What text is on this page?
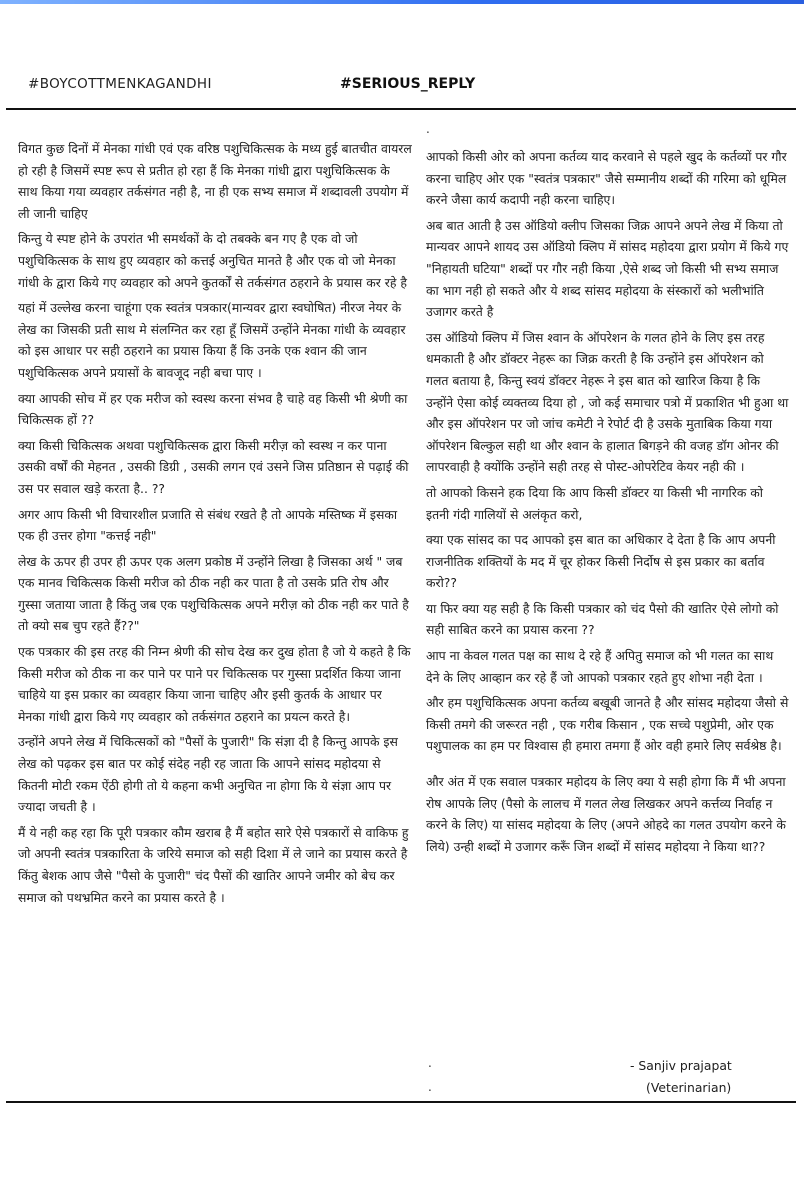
#BOYCOTTMENKAGANDHI	#SERIOUS_REPLY

विगत कुछ दिनों में मेनका गांधी एवं एक वरिष्ठ पशुचिकित्सक के मध्य हुई बातचीत वायरल हो रही है जिसमें स्पष्ट रूप से प्रतीत हो रहा हैं कि मेनका गांधी द्वारा पशुचिकित्सक के साथ किया गया व्यवहार तर्कसंगत नही है, ना ही एक सभ्य समाज में शब्दावली उपयोग में ली जानी चाहिए

किन्तु ये स्पष्ट होने के उपरांत भी समर्थकों के दो तबक्के बन गए है एक वो जो पशुचिकित्सक के साथ हुए व्यवहार को कत्तई अनुचित मानते है और एक वो जो मेनका गांधी के द्वारा किये गए व्यवहार को अपने कुतर्कों से तर्कसंगत ठहराने के प्रयास कर रहे है

यहां में उल्लेख करना चाहूंगा एक स्वतंत्र पत्रकार(मान्यवर द्वारा स्वघोषित) नीरज नेयर के लेख का जिसकी प्रती साथ मे संलग्नित कर रहा हूँ जिसमें उन्होंने मेनका गांधी के व्यवहार को इस आधार पर सही ठहराने का प्रयास किया हैं कि उनके एक श्वान की जान पशुचिकित्सक अपने प्रयासों के बावजूद नही बचा पाए ।

क्या आपकी सोच में हर एक मरीज को स्वस्थ करना संभव है चाहे वह किसी भी श्रेणी का चिकित्सक हों ??

क्या किसी चिकित्सक अथवा पशुचिकित्सक द्वारा किसी मरीज़ को स्वस्थ न कर पाना उसकी वर्षों की मेहनत , उसकी डिग्री , उसकी लगन एवं उसने जिस प्रतिष्ठान से पढ़ाई की उस पर सवाल खड़े करता है.. ??

अगर आप किसी भी विचारशील प्रजाति से संबंध रखते है तो आपके मस्तिष्क में इसका एक ही उत्तर होगा "कत्तई नही"

लेख के ऊपर ही उपर ही ऊपर एक अलग प्रकोष्ठ में उन्होंने लिखा है जिसका अर्थ " जब एक मानव चिकित्सक किसी मरीज को ठीक नही कर पाता है तो उसके प्रति रोष और गुस्सा जताया जाता है किंतु जब एक पशुचिकित्सक अपने मरीज़ को ठीक नही कर पाते है तो क्यो सब चुप रहते हैं??"

एक पत्रकार की इस तरह की निम्न श्रेणी की सोच देख कर दुख होता है जो ये कहते है कि किसी मरीज को ठीक ना कर पाने पर पाने पर चिकित्सक पर गुस्सा प्रदर्शित किया जाना चाहिये या इस प्रकार का व्यवहार किया जाना चाहिए और इसी कुतर्क के आधार पर मेनका गांधी द्वारा किये गए व्यवहार को तर्कसंगत ठहराने का प्रयत्न करते है।

उन्होंने अपने लेख में चिकित्सकों को "पैसों के पुजारी" कि संज्ञा दी है किन्तु आपके इस लेख को पढ़कर इस बात पर कोई संदेह नही रह जाता कि आपने सांसद महोदया से कितनी मोटी रकम ऐंठी होगी तो ये कहना कभी अनुचित ना होगा कि ये संज्ञा आप पर ज्यादा जचती है ।

मैं ये नही कह रहा कि पूरी पत्रकार कौम खराब है मैं बहोत सारे ऐसे पत्रकारों से वाकिफ हु जो अपनी स्वतंत्र पत्रकारिता के जरिये समाज को सही दिशा में ले जाने का प्रयास करते है किंतु बेशक आप जैसे "पैसो के पुजारी" चंद पैसों की खातिर आपने जमीर को बेच कर समाज को पथभ्रमित करने का प्रयास करते है ।

.

आपको किसी ओर को अपना कर्तव्य याद करवाने से पहले खुद के कर्तव्यों पर गौर करना चाहिए ओर एक "स्वतंत्र पत्रकार" जैसे सम्मानीय शब्दों की गरिमा को धूमिल करने जैसा कार्य कदापी नही करना चाहिए।

अब बात आती है उस ऑडियो क्लीप जिसका जिक्र आपने अपने लेख में किया तो मान्यवर आपने शायद उस ऑडियो क्लिप में सांसद महोदया द्वारा प्रयोग में किये गए "निहायती घटिया" शब्दों पर गौर नही किया ,ऐसे शब्द जो किसी भी सभ्य समाज का भाग नही हो सकते और ये शब्द सांसद महोदया के संस्कारों को भलीभांति उजागर करते है

उस ऑडियो क्लिप में जिस श्वान के ऑपरेशन के गलत होने के लिए इस तरह धमकाती है और डॉक्टर नेहरू का जिक्र करती है कि उन्होंने इस ऑपरेशन को गलत बताया है, किन्तु स्वयं डॉक्टर नेहरू ने इस बात को खारिज किया है कि उन्होंने ऐसा कोई व्यक्तव्य दिया हो , जो कई समाचार पत्रो में प्रकाशित भी हुआ था और इस ऑपरेशन पर जो जांच कमेटी ने रेपोर्ट दी है उसके मुताबिक किया गया ऑपरेशन बिल्कुल सही था और श्वान के हालात बिगड़ने की वजह डॉग ओनर की लापरवाही है क्योंकि उन्होंने सही तरह से पोस्ट-ओपरेटिव केयर नही की ।

तो आपको किसने हक दिया कि आप किसी डॉक्टर या किसी भी नागरिक को इतनी गंदी गालियों से अलंकृत करो,

क्या एक सांसद का पद आपको इस बात का अधिकार दे देता है कि आप अपनी राजनीतिक शक्तियों के मद में चूर होकर किसी निर्दोष से इस प्रकार का बर्ताव करो??

या फिर क्या यह सही है कि किसी पत्रकार को चंद पैसो की खातिर ऐसे लोगो को सही साबित करने का प्रयास करना ??

आप ना केवल गलत पक्ष का साथ दे रहे हैं अपितु समाज को भी गलत का साथ देने के लिए आव्हान कर रहे हैं जो आपको पत्रकार रहते हुए शोभा नही देता ।

और हम पशुचिकित्सक अपना कर्तव्य बखूबी जानते है और सांसद महोदया जैसो से किसी तमगे की जरूरत नही , एक गरीब किसान , एक सच्चे पशुप्रेमी, ओर एक पशुपालक का हम पर विश्वास ही हमारा तमगा हैं ओर वही हमारे लिए सर्वश्रेष्ठ है।

और अंत में एक सवाल पत्रकार महोदय के लिए क्या ये सही होगा कि मैं भी अपना रोष आपके लिए (पैसो के लालच में गलत लेख लिखकर अपने कर्त्तव्य निर्वाह न करने के लिए) या सांसद महोदया के लिए (अपने ओहदे का गलत उपयोग करने के लिये) उन्ही शब्दों मे उजागर करूँ जिन शब्दों में सांसद महोदया ने किया था??

.	- Sanjiv prajapat
.	(Veterinarian)
